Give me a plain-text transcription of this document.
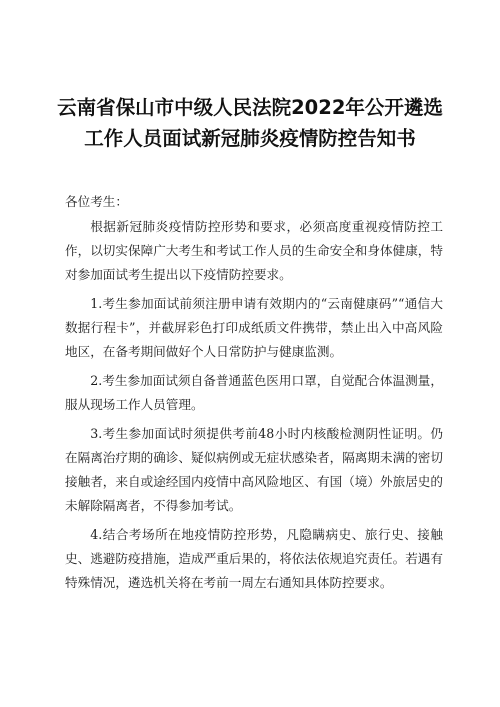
云南省保山市中级人民法院2022年公开遴选
工作人员面试新冠肺炎疫情防控告知书

各位考生：

根据新冠肺炎疫情防控形势和要求，必须高度重视疫情防控工作，以切实保障广大考生和考试工作人员的生命安全和身体健康，特对参加面试考生提出以下疫情防控要求。

1.考生参加面试前须注册申请有效期内的“云南健康码”“通信大数据行程卡”，并截屏彩色打印成纸质文件携带，禁止出入中高风险地区，在备考期间做好个人日常防护与健康监测。

2.考生参加面试须自备普通蓝色医用口罩，自觉配合体温测量，服从现场工作人员管理。

3.考生参加面试时须提供考前48小时内核酸检测阴性证明。仍在隔离治疗期的确诊、疑似病例或无症状感染者，隔离期未满的密切接触者，来自或途经国内疫情中高风险地区、有国（境）外旅居史的未解除隔离者，不得参加考试。

4.结合考场所在地疫情防控形势，凡隐瞒病史、旅行史、接触史、逃避防疫措施，造成严重后果的，将依法依规追究责任。若遇有特殊情况，遴选机关将在考前一周左右通知具体防控要求。
